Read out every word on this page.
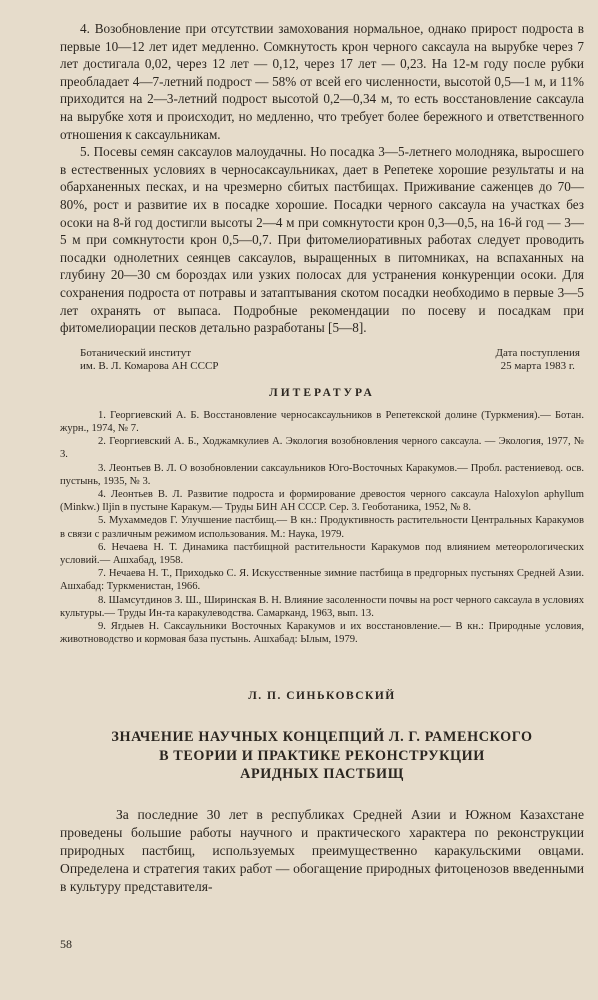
4. Возобновление при отсутствии замохования нормальное, однако прирост подроста в первые 10—12 лет идет медленно. Сомкнутость крон черного саксаула на вырубке через 7 лет достигала 0,02, через 12 лет — 0,12, через 17 лет — 0,23. На 12-м году после рубки преобладает 4—7-летний подрост — 58% от всей его численности, высотой 0,5—1 м, и 11% приходится на 2—3-летний подрост высотой 0,2—0,34 м, то есть восстановление саксаула на вырубке хотя и происходит, но медленно, что требует более бережного и ответственного отношения к саксаульникам.

5. Посевы семян саксаулов малоудачны. Но посадка 3—5-летнего молодняка, выросшего в естественных условиях в черносаксаульниках, дает в Репетеке хорошие результаты и на обарханенных песках, и на чрезмерно сбитых пастбищах. Приживание саженцев до 70—80%, рост и развитие их в посадке хорошие. Посадки черного саксаула на участках без осоки на 8-й год достигли высоты 2—4 м при сомкнутости крон 0,3—0,5, на 16-й год — 3—5 м при сомкнутости крон 0,5—0,7. При фитомелиоративных работах следует проводить посадки однолетних сеянцев саксаулов, выращенных в питомниках, на вспаханных на глубину 20—30 см бороздах или узких полосах для устранения конкуренции осоки. Для сохранения подроста от потравы и затаптывания скотом посадки необходимо в первые 3—5 лет охранять от выпаса. Подробные рекомендации по посеву и посадкам при фитомелиорации песков детально разработаны [5—8].

Ботанический институт
им. В. Л. Комарова АН СССР
Дата поступления
25 марта 1983 г.
ЛИТЕРАТУРА
1. Георгиевский А. Б. Восстановление черносаксаульников в Репетекской долине (Туркмения).— Ботан. журн., 1974, № 7.
2. Георгиевский А. Б., Ходжамкулиев А. Экология возобновления черного саксаула. — Экология, 1977, № 3.
3. Леонтьев В. Л. О возобновлении саксаульников Юго-Восточных Каракумов.— Пробл. растениевод. осв. пустынь, 1935, № 3.
4. Леонтьев В. Л. Развитие подроста и формирование древостоя черного саксаула Haloxylon aphyllum (Minkw.) Iljin в пустыне Каракум.— Труды БИН АН СССР. Сер. 3. Геоботаника, 1952, № 8.
5. Мухаммедов Г. Улучшение пастбищ.— В кн.: Продуктивность растительности Центральных Каракумов в связи с различным режимом использования. М.: Наука, 1979.
6. Нечаева Н. Т. Динамика пастбищной растительности Каракумов под влиянием метеорологических условий.— Ашхабад, 1958.
7. Нечаева Н. Т., Приходько С. Я. Искусственные зимние пастбища в предгорных пустынях Средней Азии. Ашхабад: Туркменистан, 1966.
8. Шамсутдинов З. Ш., Ширинская В. Н. Влияние засоленности почвы на рост черного саксаула в условиях культуры.— Труды Ин-та каракулеводства. Самарканд, 1963, вып. 13.
9. Ягдыев Н. Саксаульники Восточных Каракумов и их восстановление.— В кн.: Природные условия, животноводство и кормовая база пустынь. Ашхабад: Ылым, 1979.
Л. П. СИНЬКОВСКИЙ
ЗНАЧЕНИЕ НАУЧНЫХ КОНЦЕПЦИЙ Л. Г. РАМЕНСКОГО
В ТЕОРИИ И ПРАКТИКЕ РЕКОНСТРУКЦИИ
АРИДНЫХ ПАСТБИЩ

За последние 30 лет в республиках Средней Азии и Южном Казахстане проведены большие работы научного и практического характера по реконструкции природных пастбищ, используемых преимущественно каракульскими овцами. Определена и стратегия таких работ — обогащение природных фитоценозов введенными в культуру представителя-

58
